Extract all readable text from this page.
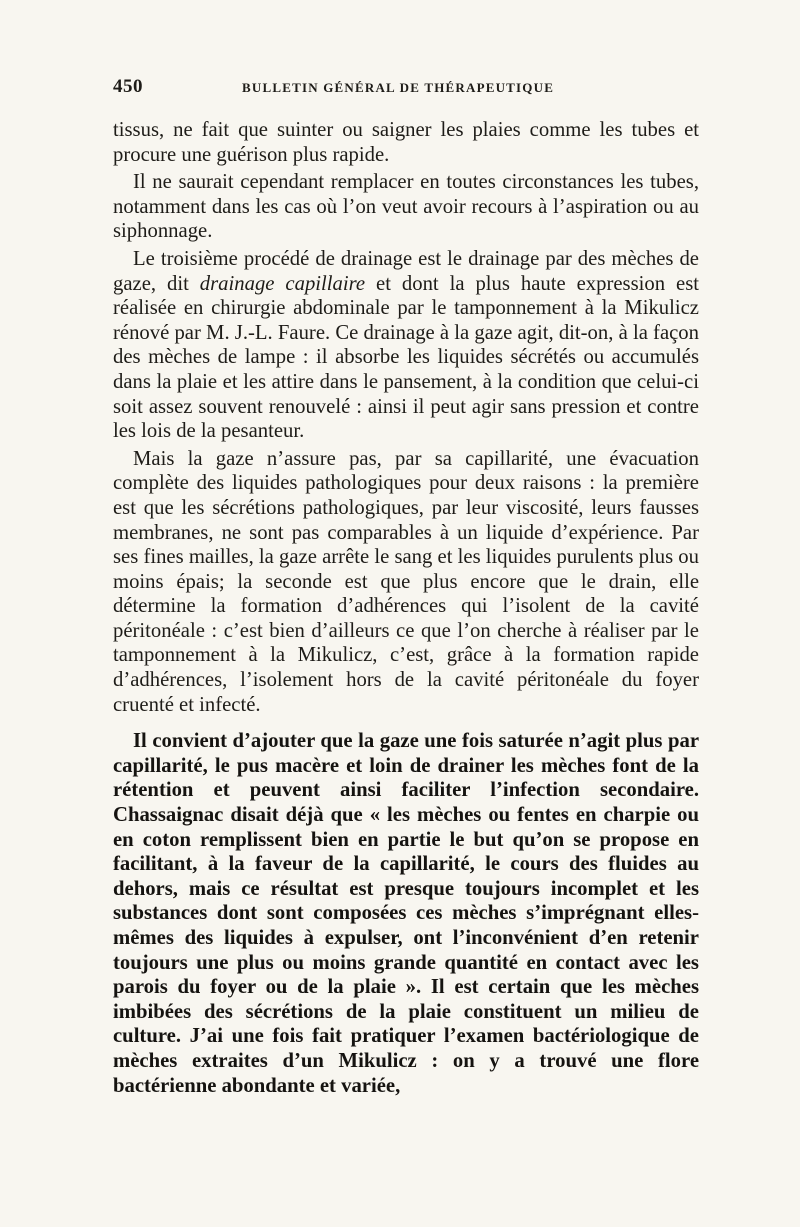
450	BULLETIN GÉNÉRAL DE THÉRAPEUTIQUE

tissus, ne fait que suinter ou saigner les plaies comme les tubes et procure une guérison plus rapide.

Il ne saurait cependant remplacer en toutes circonstances les tubes, notamment dans les cas où l’on veut avoir recours à l’aspiration ou au siphonnage.

Le troisième procédé de drainage est le drainage par des mèches de gaze, dit drainage capillaire et dont la plus haute expression est réalisée en chirurgie abdominale par le tamponnement à la Mikulicz rénové par M. J.-L. Faure. Ce drainage à la gaze agit, dit-on, à la façon des mèches de lampe : il absorbe les liquides sécrétés ou accumulés dans la plaie et les attire dans le pansement, à la condition que celui-ci soit assez souvent renouvelé : ainsi il peut agir sans pression et contre les lois de la pesanteur.

Mais la gaze n’assure pas, par sa capillarité, une évacuation complète des liquides pathologiques pour deux raisons : la première est que les sécrétions pathologiques, par leur viscosité, leurs fausses membranes, ne sont pas comparables à un liquide d’expérience. Par ses fines mailles, la gaze arrête le sang et les liquides purulents plus ou moins épais; la seconde est que plus encore que le drain, elle détermine la formation d’adhérences qui l’isolent de la cavité péritonéale : c’est bien d’ailleurs ce que l’on cherche à réaliser par le tamponnement à la Mikulicz, c’est, grâce à la formation rapide d’adhérences, l’isolement hors de la cavité péritonéale du foyer cruenté et infecté.

Il convient d’ajouter que la gaze une fois saturée n’agit plus par capillarité, le pus macère et loin de drainer les mèches font de la rétention et peuvent ainsi faciliter l’infection secondaire. Chassaignac disait déjà que « les mèches ou fentes en charpie ou en coton remplissent bien en partie le but qu’on se propose en facilitant, à la faveur de la capillarité, le cours des fluides au dehors, mais ce résultat est presque toujours incomplet et les substances dont sont composées ces mèches s’imprégnant elles-mêmes des liquides à expulser, ont l’inconvénient d’en retenir toujours une plus ou moins grande quantité en contact avec les parois du foyer ou de la plaie ». Il est certain que les mèches imbibées des sécrétions de la plaie constituent un milieu de culture. J’ai une fois fait pratiquer l’examen bactériologique de mèches extraites d’un Mikulicz : on y a trouvé une flore bactérienne abondante et variée,
